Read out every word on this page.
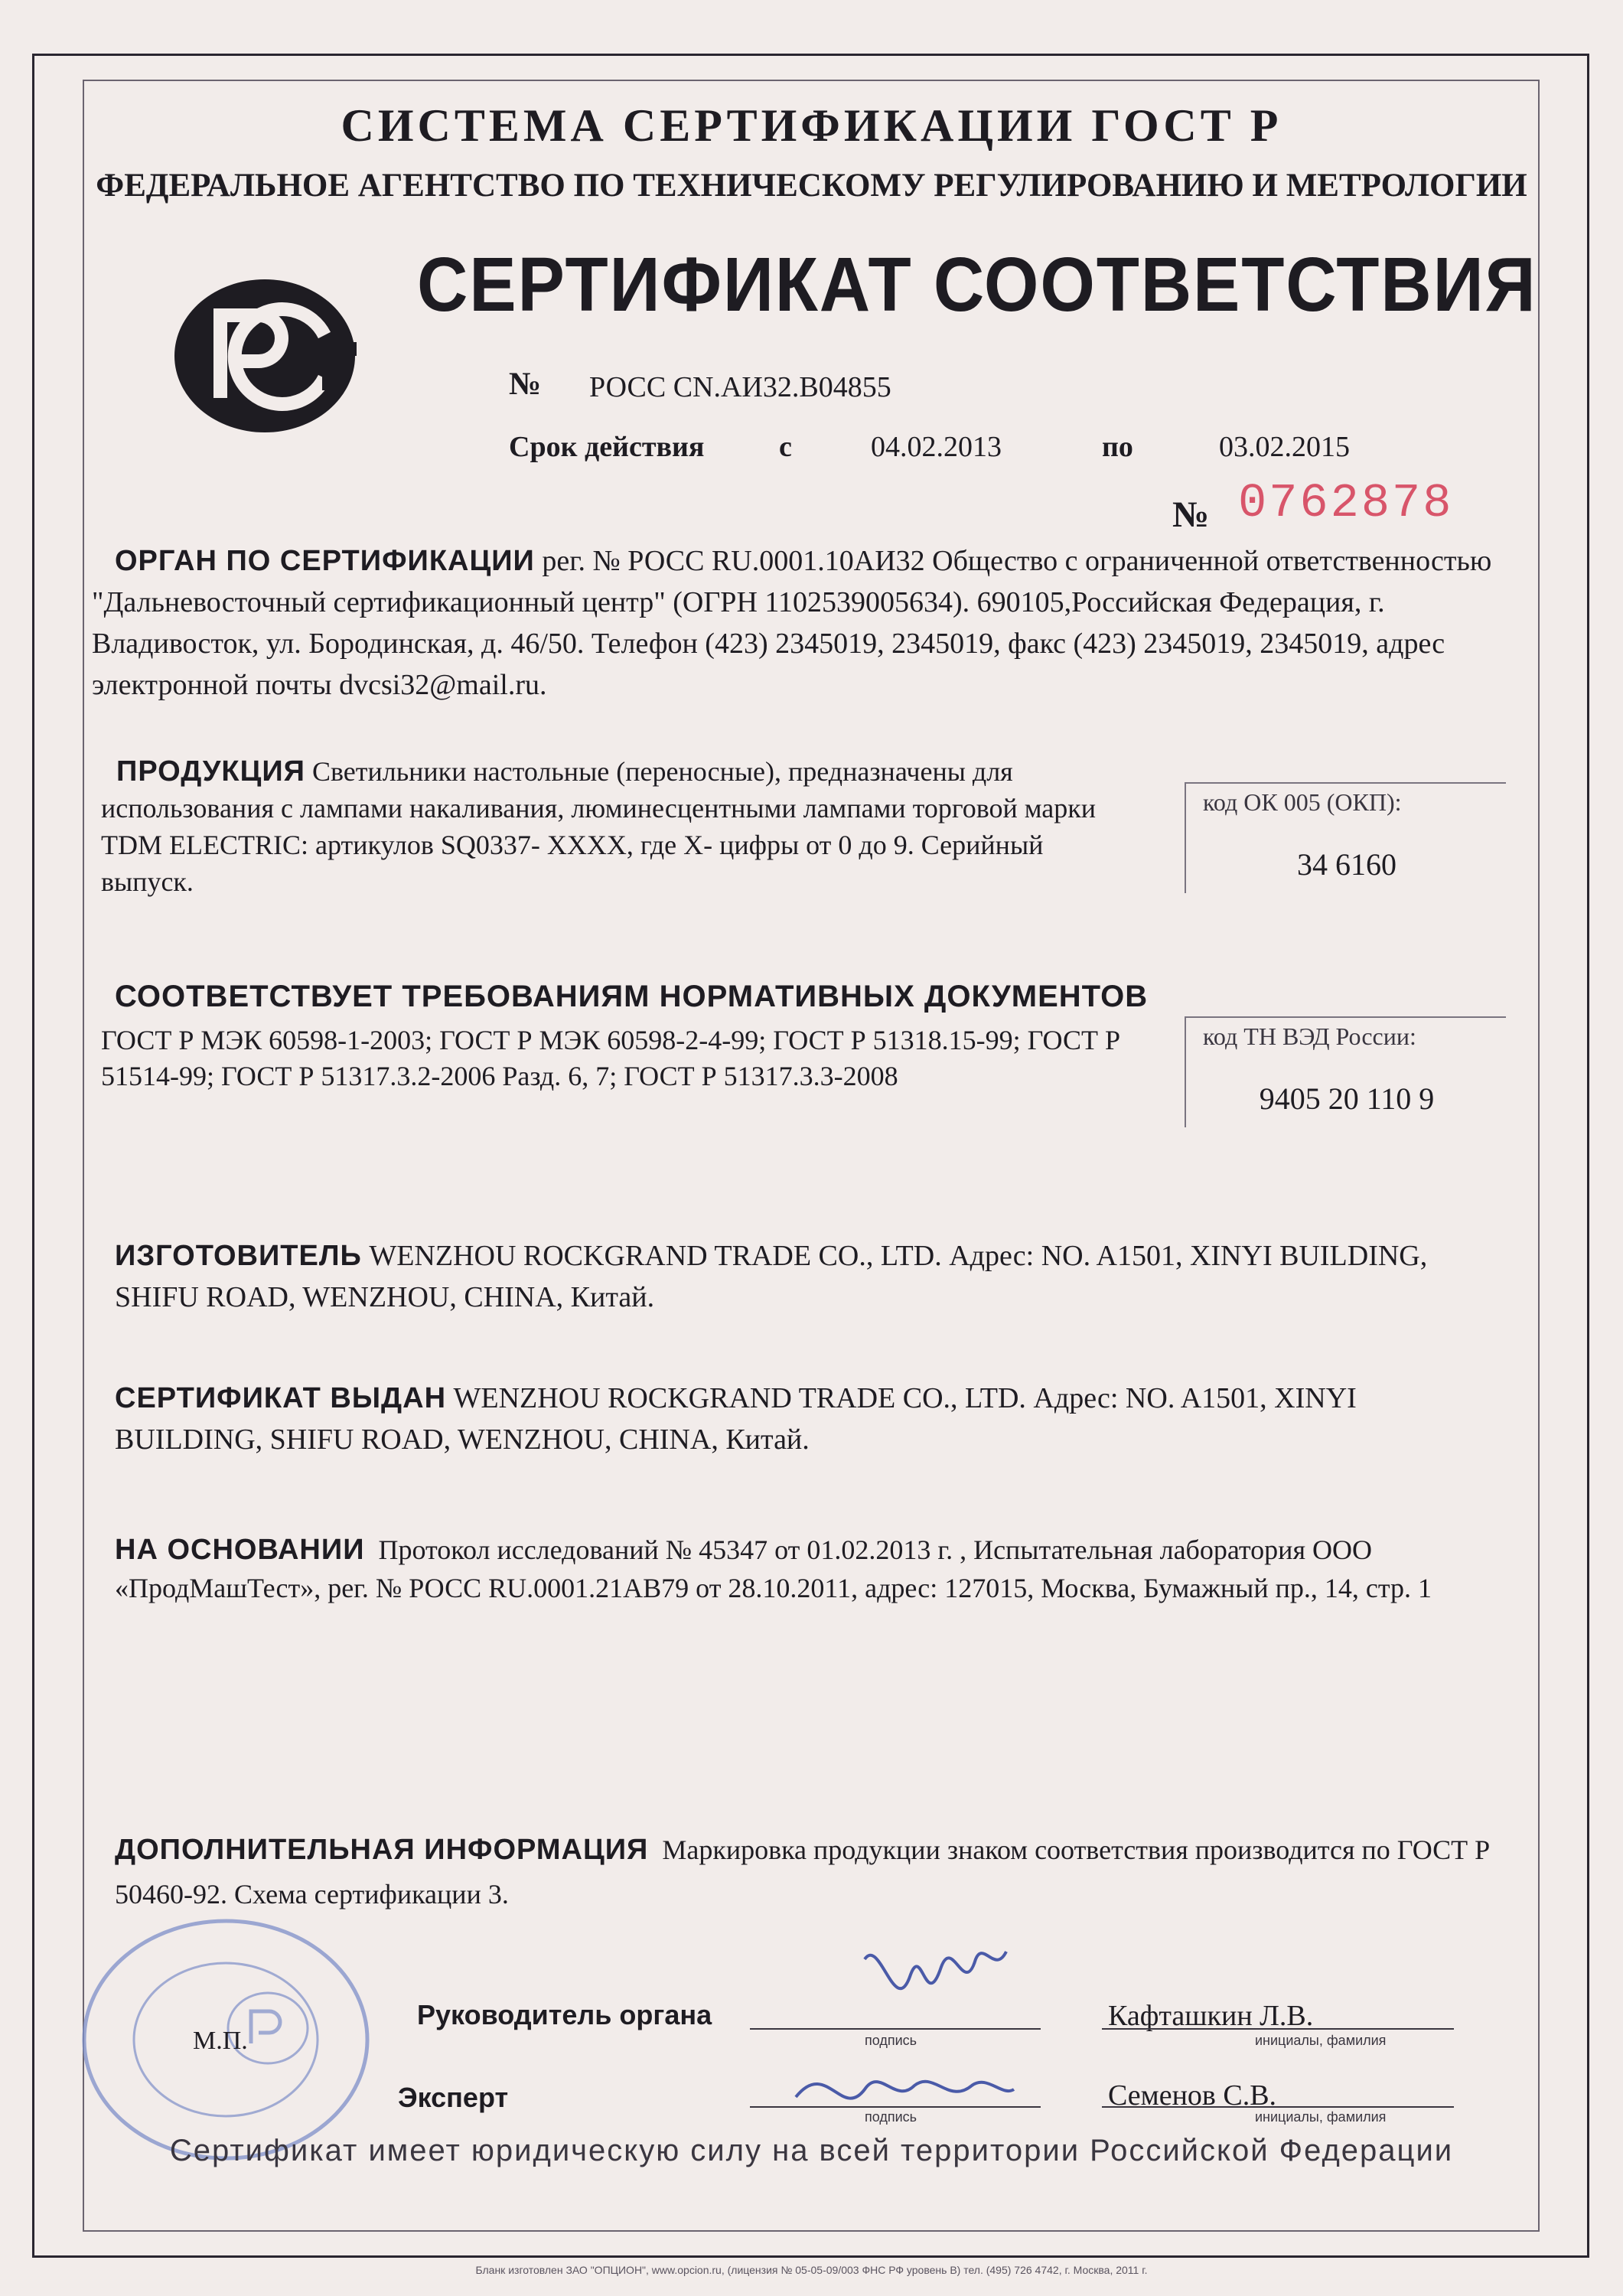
СИСТЕМА СЕРТИФИКАЦИИ ГОСТ Р
ФЕДЕРАЛЬНОЕ АГЕНТСТВО ПО ТЕХНИЧЕСКОМУ РЕГУЛИРОВАНИЮ И МЕТРОЛОГИИ
СЕРТИФИКАТ СООТВЕТСТВИЯ
№ РОСС CN.АИ32.В04855
Срок действия	с	04.02.2013	по	03.02.2015
№ 0762878
ОРГАН ПО СЕРТИФИКАЦИИ рег. № РОСС RU.0001.10АИ32 Общество с ограниченной ответственностью "Дальневосточный сертификационный центр" (ОГРН 1102539005634). 690105,Российская Федерация, г. Владивосток, ул. Бородинская, д. 46/50. Телефон (423) 2345019, 2345019, факс (423) 2345019, 2345019, адрес электронной почты dvcsi32@mail.ru.
ПРОДУКЦИЯ Светильники настольные (переносные), предназначены для использования с лампами накаливания, люминесцентными лампами торговой марки TDM ELECTRIC: артикулов SQ0337- XXXX, где X- цифры от 0 до 9. Серийный выпуск.
код ОК 005 (ОКП):
34 6160
СООТВЕТСТВУЕТ ТРЕБОВАНИЯМ НОРМАТИВНЫХ ДОКУМЕНТОВ
ГОСТ Р МЭК 60598-1-2003; ГОСТ Р МЭК 60598-2-4-99; ГОСТ Р 51318.15-99; ГОСТ Р 51514-99; ГОСТ Р 51317.3.2-2006 Разд. 6, 7; ГОСТ Р 51317.3.3-2008
код ТН ВЭД России:
9405 20 110 9
ИЗГОТОВИТЕЛЬ WENZHOU ROCKGRAND TRADE CO., LTD. Адрес: NO. A1501, XINYI BUILDING, SHIFU ROAD, WENZHOU, CHINA, Китай.
СЕРТИФИКАТ ВЫДАН WENZHOU ROCKGRAND TRADE CO., LTD. Адрес: NO. A1501, XINYI BUILDING, SHIFU ROAD, WENZHOU, CHINA, Китай.
НА ОСНОВАНИИ Протокол исследований № 45347 от 01.02.2013 г. , Испытательная лаборатория ООО «ПродМашТест», рег. № РОСС RU.0001.21АВ79 от 28.10.2011, адрес: 127015, Москва, Бумажный пр., 14, стр. 1
ДОПОЛНИТЕЛЬНАЯ ИНФОРМАЦИЯ Маркировка продукции знаком соответствия производится по ГОСТ Р 50460-92. Схема сертификации 3.
М.П.
Руководитель органа
подпись
Кафташкин Л.В.
инициалы, фамилия
Эксперт
подпись
Семенов С.В.
инициалы, фамилия
Сертификат имеет юридическую силу на всей территории Российской Федерации
Бланк изготовлен ЗАО "ОПЦИОН", www.opcion.ru, (лицензия № 05-05-09/003 ФНС РФ уровень В) тел. (495) 726 4742, г. Москва, 2011 г.
